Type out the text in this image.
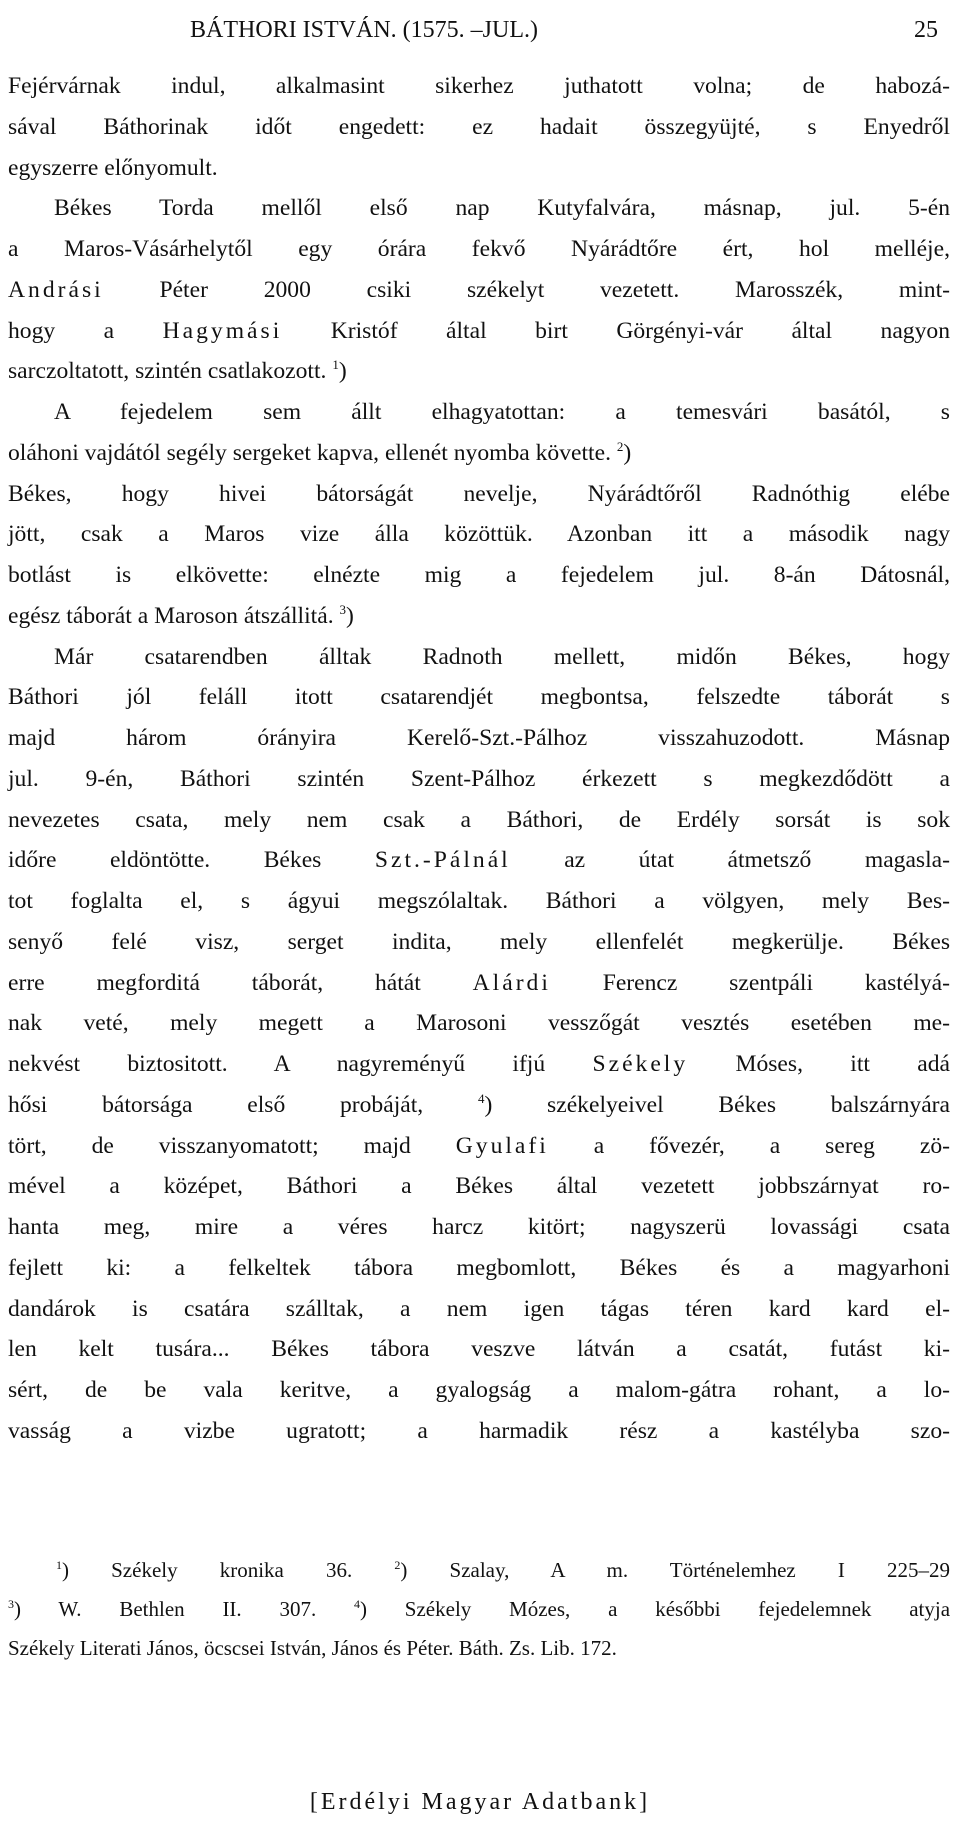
BÁTHORI ISTVÁN. (1575. –JUL.)	25
Fejérvárnak indul, alkalmasint sikerhez juthatott volna; de habozá-
sával Báthorinak időt engedett: ez hadait összegyüjté, s Enyedről
egyszerre előnyomult.
Békes Torda mellől első nap Kutyfalvára, másnap, jul. 5-én
a Maros-Vásárhelytől egy órára fekvő Nyárádtőre ért, hol melléje,
Andrási Péter 2000 csiki székelyt vezetett. Marosszék, mint-
hogy a Hagymási Kristóf által birt Görgényi-vár által nagyon
sarczoltatott, szintén csatlakozott. $^1$)
A fejedelem sem állt elhagyatottan: a temesvári basától, s
oláhoni vajdától segély sergeket kapva, ellenét nyomba követte. $^2$)
Békes, hogy hivei bátorságát nevelje, Nyárádtőről Radnóthig elébe
jött, csak a Maros vize álla közöttük. Azonban itt a második nagy
botlást is elkövette: elnézte mig a fejedelem jul. 8-án Dátosnál,
egész táborát a Maroson átszállitá. $^3$)
Már csatarendben álltak Radnoth mellett, midőn Békes, hogy
Báthori jól feláll itott csatarendjét megbontsa, felszedte táborát s
majd három órányira Kerelő-Szt.-Pálhoz visszahuzodott. Másnap
jul. 9-én, Báthori szintén Szent-Pálhoz érkezett s megkezdődött a
nevezetes csata, mely nem csak a Báthori, de Erdély sorsát is sok
időre eldöntötte. Békes Szt.-Pálnál az útat átmetsző magasla-
tot foglalta el, s ágyui megszólaltak. Báthori a völgyen, mely Bes-
senyő felé visz, serget indita, mely ellenfelét megkerülje. Békes
erre megforditá táborát, hátát Alárdi Ferencz szentpáli kastélyá-
nak veté, mely megett a Marosoni vesszőgát vesztés esetében me-
nekvést biztositott. A nagyreményű ifjú Székely Móses, itt adá
hősi bátorsága első probáját, $^4$) székelyeivel Békes balszárnyára
tört, de visszanyomatott; majd Gyulafi a fővezér, a sereg zö-
mével a középet, Báthori a Békes által vezetett jobbszárnyat ro-
hanta meg, mire a véres harcz kitört; nagyszerü lovassági csata
fejlett ki: a felkeltek tábora megbomlott, Békes és a magyarhoni
dandárok is csatára szálltak, a nem igen tágas téren kard kard el-
len kelt tusára... Békes tábora veszve látván a csatát, futást ki-
sért, de be vala keritve, a gyalogság a malom-gátra rohant, a lo-
vasság a vizbe ugratott; a harmadik rész a kastélyba szo-
$^1$) Székely kronika 36. $^2$) Szalay, A m. Történelemhez I 225–29
$^3$) W. Bethlen II. 307. $^4$) Székely Mózes, a későbbi fejedelemnek atyja
Székely Literati János, öcscsei István, János és Péter. Báth. Zs. Lib. 172.
[Erdélyi Magyar Adatbank]
